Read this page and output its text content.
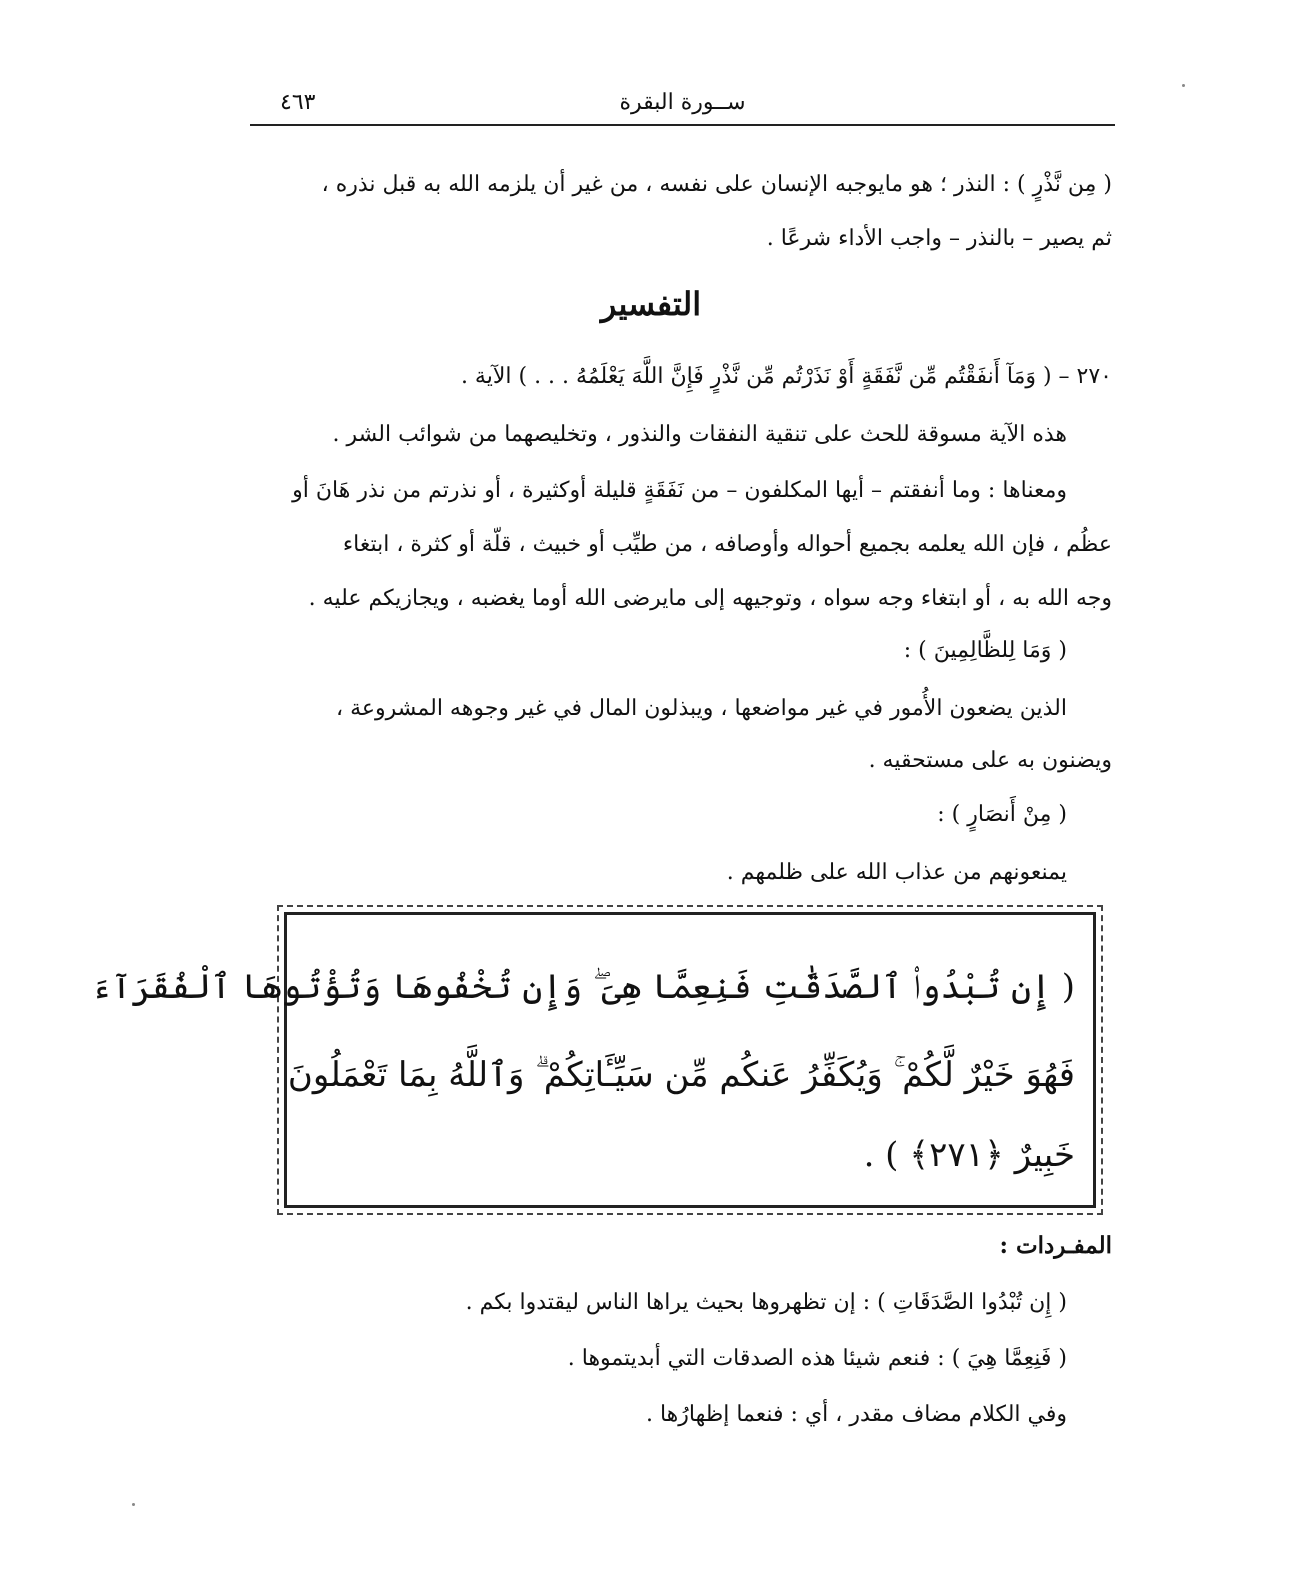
ســورة البقرة
٤٦٣
( مِن نَّذْرٍ ) : النذر ؛ هو مايوجبه الإنسان على نفسه ، من غير أن يلزمه الله به قبل نذره ،
ثم يصير – بالنذر – واجب الأداء شرعًا .
التفسير
٢٧٠ – ( وَمَآ أَنفَقْتُم مِّن نَّفَقَةٍ أَوْ نَذَرْتُم مِّن نَّذْرٍ فَإِنَّ اللَّهَ يَعْلَمُهُ . . . ) الآية .
هذه الآية مسوقة للحث على تنقية النفقات والنذور ، وتخليصهما من شوائب الشر .
ومعناها : وما أنفقتم – أيها المكلفون – من نَفَقَةٍ قليلة أوكثيرة ، أو نذرتم من نذر هَانَ أو
عظُم ، فإن الله يعلمه بجميع أحواله وأوصافه ، من طيِّب أو خبيث ، قلّة أو كثرة ، ابتغاء
وجه الله به ، أو ابتغاء وجه سواه ، وتوجيهه إلى مايرضى الله أوما يغضبه ، ويجازيكم عليه .
( وَمَا لِلظَّالِمِينَ ) :
الذين يضعون الأُمور في غير مواضعها ، ويبذلون المال في غير وجوهه المشروعة ،
ويضنون به على مستحقيه .
( مِنْ أَنصَارٍ ) :
يمنعونهم من عذاب الله على ظلمهم .
( إِن تُبْدُوا۟ ٱلصَّدَقَٰتِ فَنِعِمَّا هِىَ ۖ وَإِن تُخْفُوهَا وَتُؤْتُوهَا ٱلْفُقَرَآءَ
فَهُوَ خَيْرٌ لَّكُمْ ۚ وَيُكَفِّرُ عَنكُم مِّن سَيِّـَٔاتِكُمْ ۗ وَٱللَّهُ بِمَا تَعْمَلُونَ
خَبِيرٌ ﴿٢٧١﴾ ) .
المفـردات :
( إِن تُبْدُوا الصَّدَقَاتِ ) : إن تظهروها بحيث يراها الناس ليقتدوا بكم .
( فَنِعِمَّا هِيَ ) : فنعم شيئا هذه الصدقات التي أبديتموها .
وفي الكلام مضاف مقدر ، أي : فنعما إظهارُها .
